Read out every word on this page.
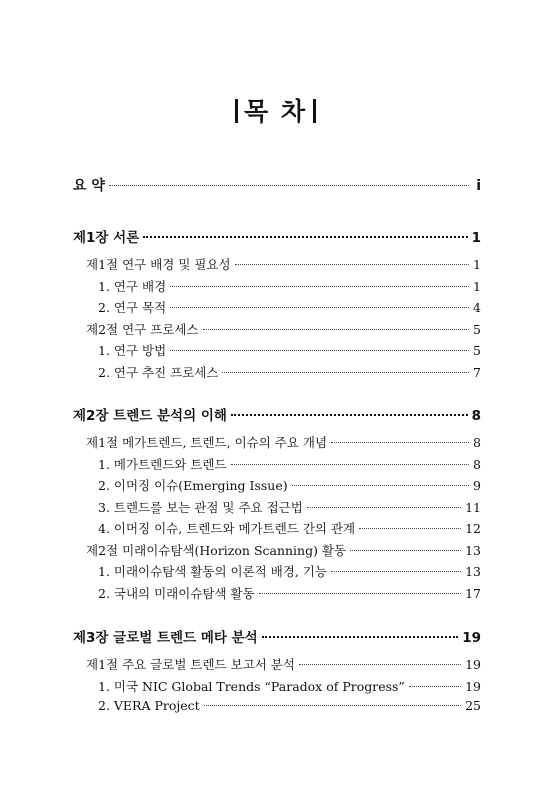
목 차
요 약	i
제1장 서론	1
제1절 연구 배경 및 필요성	1
1. 연구 배경	1
2. 연구 목적	4
제2절 연구 프로세스	5
1. 연구 방법	5
2. 연구 추진 프로세스	7
제2장 트렌드 분석의 이해	8
제1절 메가트렌드, 트렌드, 이슈의 주요 개념	8
1. 메가트렌드와 트렌드	8
2. 이머징 이슈(Emerging Issue)	9
3. 트렌드를 보는 관점 및 주요 접근법	11
4. 이머징 이슈, 트렌드와 메가트렌드 간의 관계	12
제2절 미래이슈탐색(Horizon Scanning) 활동	13
1. 미래이슈탐색 활동의 이론적 배경, 기능	13
2. 국내의 미래이슈탐색 활동	17
제3장 글로벌 트렌드 메타 분석	19
제1절 주요 글로벌 트렌드 보고서 분석	19
1. 미국 NIC Global Trends “Paradox of Progress”	19
2. VERA Project	25
